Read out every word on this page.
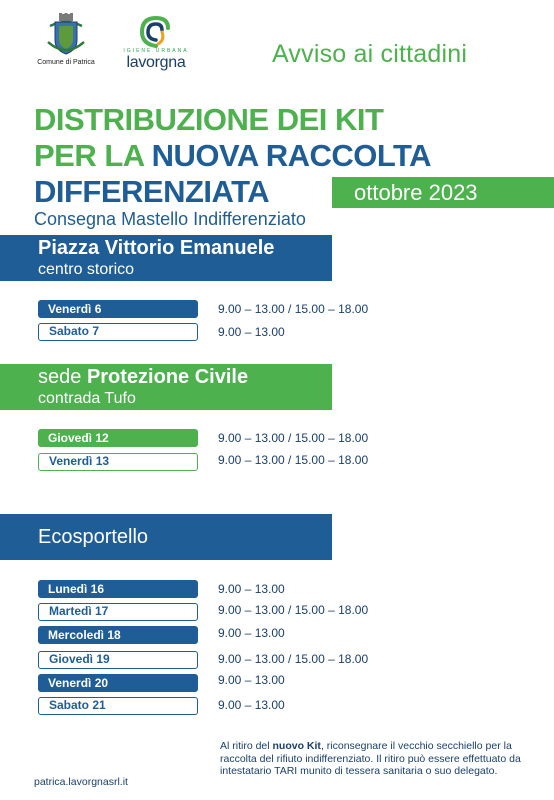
Comune di Patrica
IGIENE URBANA
lavorgna	Avviso ai cittadini
DISTRIBUZIONE DEI KIT
PER LA NUOVA RACCOLTA
DIFFERENZIATA	ottobre 2023
Consegna Mastello Indifferenziato
Piazza Vittorio Emanuele
centro storico
Venerdì 6	9.00 – 13.00 / 15.00 – 18.00
Sabato 7	9.00 – 13.00
sede Protezione Civile
contrada Tufo
Giovedì 12	9.00 – 13.00 / 15.00 – 18.00
Venerdì 13	9.00 – 13.00 / 15.00 – 18.00
Ecosportello
Lunedì 16	9.00 – 13.00
Martedì 17	9.00 – 13.00 / 15.00 – 18.00
Mercoledì 18	9.00 – 13.00
Giovedì 19	9.00 – 13.00 / 15.00 – 18.00
Venerdì 20	9.00 – 13.00
Sabato 21	9.00 – 13.00
Al ritiro del nuovo Kit, riconsegnare il vecchio secchiello per la raccolta del rifiuto indifferenziato. Il ritiro può essere effettuato da intestatario TARI munito di tessera sanitaria o suo delegato.
patrica.lavorgnasrl.it
